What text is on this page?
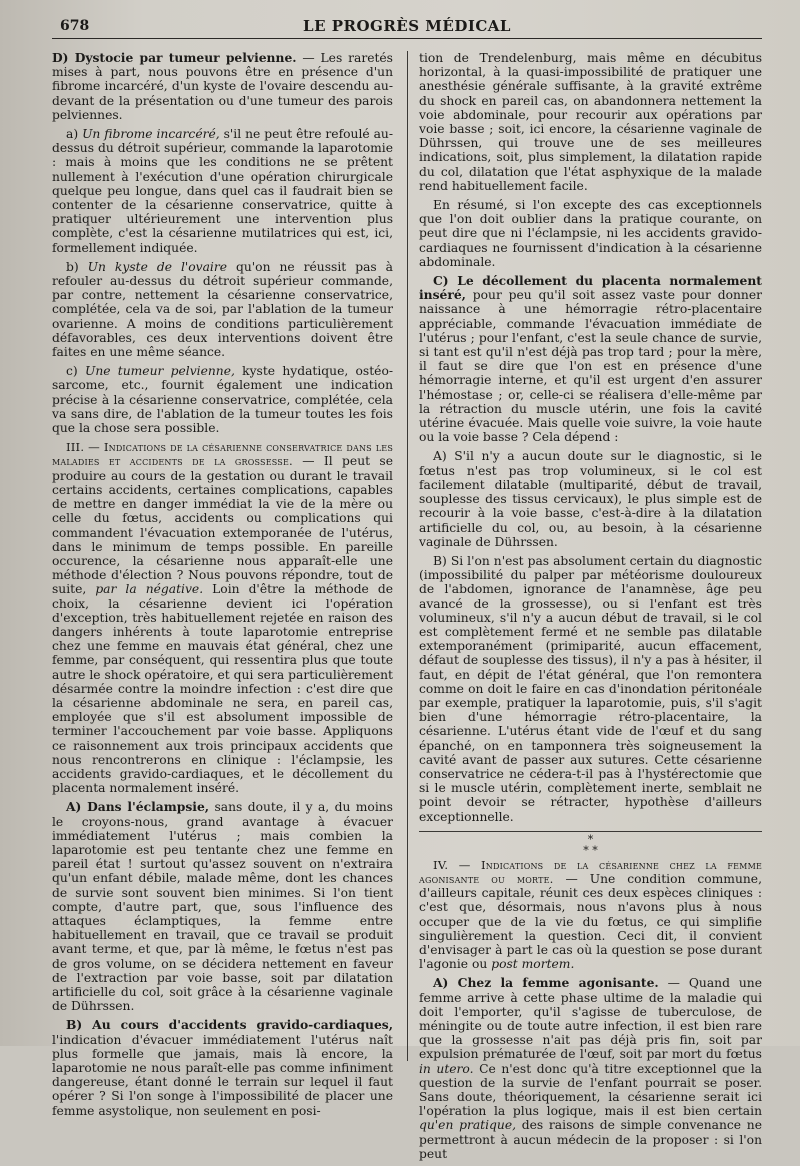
678	LE PROGRÈS MÉDICAL

D) Dystocie par tumeur pelvienne. — Les raretés mises à part, nous pouvons être en présence d'un fibrome incarcéré, d'un kyste de l'ovaire descendu au-devant de la présentation ou d'une tumeur des parois pelviennes.

a) Un fibrome incarcéré, s'il ne peut être refoulé au-dessus du détroit supérieur, commande la laparotomie : mais à moins que les conditions ne se prêtent nullement à l'exécution d'une opération chirurgicale quelque peu longue, dans quel cas il faudrait bien se contenter de la césarienne conservatrice, quitte à pratiquer ultérieurement une intervention plus complète, c'est la césarienne mutilatrices qui est, ici, formellement indiquée.

b) Un kyste de l'ovaire qu'on ne réussit pas à refouler au-dessus du détroit supérieur commande, par contre, nettement la césarienne conservatrice, complétée, cela va de soi, par l'ablation de la tumeur ovarienne. A moins de conditions particulièrement défavorables, ces deux interventions doivent être faites en une même séance.

c) Une tumeur pelvienne, kyste hydatique, ostéo-sarcome, etc., fournit également une indication précise à la césarienne conservatrice, complétée, cela va sans dire, de l'ablation de la tumeur toutes les fois que la chose sera possible.

III. — Indications de la césarienne conservatrice dans les maladies et accidents de la grossesse. — Il peut se produire au cours de la gestation ou durant le travail certains accidents, certaines complications, capables de mettre en danger immédiat la vie de la mère ou celle du fœtus, accidents ou complications qui commandent l'évacuation extemporanée de l'utérus, dans le minimum de temps possible. En pareille occurence, la césarienne nous apparaît-elle une méthode d'élection ? Nous pouvons répondre, tout de suite, par la négative. Loin d'être la méthode de choix, la césarienne devient ici l'opération d'exception, très habituellement rejetée en raison des dangers inhérents à toute laparotomie entreprise chez une femme en mauvais état général, chez une femme, par conséquent, qui ressentira plus que toute autre le shock opératoire, et qui sera particulièrement désarmée contre la moindre infection : c'est dire que la césarienne abdominale ne sera, en pareil cas, employée que s'il est absolument impossible de terminer l'accouchement par voie basse. Appliquons ce raisonnement aux trois principaux accidents que nous rencontrerons en clinique : l'éclampsie, les accidents gravido-cardiaques, et le décollement du placenta normalement inséré.

A) Dans l'éclampsie, sans doute, il y a, du moins le croyons-nous, grand avantage à évacuer immédiatement l'utérus ; mais combien la laparotomie est peu tentante chez une femme en pareil état ! surtout qu'assez souvent on n'extraira qu'un enfant débile, malade même, dont les chances de survie sont souvent bien minimes. Si l'on tient compte, d'autre part, que, sous l'influence des attaques éclamptiques, la femme entre habituellement en travail, que ce travail se produit avant terme, et que, par là même, le fœtus n'est pas de gros volume, on se décidera nettement en faveur de l'extraction par voie basse, soit par dilatation artificielle du col, soit grâce à la césarienne vaginale de Dührssen.

B) Au cours d'accidents gravido-cardiaques, l'indication d'évacuer immédiatement l'utérus naît plus formelle que jamais, mais là encore, la laparotomie ne nous paraît-elle pas comme infiniment dangereuse, étant donné le terrain sur lequel il faut opérer ? Si l'on songe à l'impossibilité de placer une femme asystolique, non seulement en posi-

tion de Trendelenburg, mais même en décubitus horizontal, à la quasi-impossibilité de pratiquer une anesthésie générale suffisante, à la gravité extrême du shock en pareil cas, on abandonnera nettement la voie abdominale, pour recourir aux opérations par voie basse ; soit, ici encore, la césarienne vaginale de Dührssen, qui trouve une de ses meilleures indications, soit, plus simplement, la dilatation rapide du col, dilatation que l'état asphyxique de la malade rend habituellement facile.

En résumé, si l'on excepte des cas exceptionnels que l'on doit oublier dans la pratique courante, on peut dire que ni l'éclampsie, ni les accidents gravido-cardiaques ne fournissent d'indication à la césarienne abdominale.

C) Le décollement du placenta normalement inséré, pour peu qu'il soit assez vaste pour donner naissance à une hémorragie rétro-placentaire appréciable, commande l'évacuation immédiate de l'utérus ; pour l'enfant, c'est la seule chance de survie, si tant est qu'il n'est déjà pas trop tard ; pour la mère, il faut se dire que l'on est en présence d'une hémorragie interne, et qu'il est urgent d'en assurer l'hémostase ; or, celle-ci se réalisera d'elle-même par la rétraction du muscle utérin, une fois la cavité utérine évacuée. Mais quelle voie suivre, la voie haute ou la voie basse ? Cela dépend :

A) S'il n'y a aucun doute sur le diagnostic, si le fœtus n'est pas trop volumineux, si le col est facilement dilatable (multiparité, début de travail, souplesse des tissus cervicaux), le plus simple est de recourir à la voie basse, c'est-à-dire à la dilatation artificielle du col, ou, au besoin, à la césarienne vaginale de Dührssen.

B) Si l'on n'est pas absolument certain du diagnostic (impossibilité du palper par météorisme douloureux de l'abdomen, ignorance de l'anamnèse, âge peu avancé de la grossesse), ou si l'enfant est très volumineux, s'il n'y a aucun début de travail, si le col est complètement fermé et ne semble pas dilatable extemporanément (primiparité, aucun effacement, défaut de souplesse des tissus), il n'y a pas à hésiter, il faut, en dépit de l'état général, que l'on remontera comme on doit le faire en cas d'inondation péritonéale par exemple, pratiquer la laparotomie, puis, s'il s'agit bien d'une hémorragie rétro-placentaire, la césarienne. L'utérus étant vide de l'œuf et du sang épanché, on en tamponnera très soigneusement la cavité avant de passer aux sutures. Cette césarienne conservatrice ne cédera-t-il pas à l'hystérectomie que si le muscle utérin, complètement inerte, semblait ne point devoir se rétracter, hypothèse d'ailleurs exceptionnelle.

*
* *

IV. — Indications de la césarienne chez la femme agonisante ou morte. — Une condition commune, d'ailleurs capitale, réunit ces deux espèces cliniques : c'est que, désormais, nous n'avons plus à nous occuper que de la vie du fœtus, ce qui simplifie singulièrement la question. Ceci dit, il convient d'envisager à part le cas où la question se pose durant l'agonie ou post mortem.

A) Chez la femme agonisante. — Quand une femme arrive à cette phase ultime de la maladie qui doit l'emporter, qu'il s'agisse de tuberculose, de méningite ou de toute autre infection, il est bien rare que la grossesse n'ait pas déjà pris fin, soit par expulsion prématurée de l'œuf, soit par mort du fœtus in utero. Ce n'est donc qu'à titre exceptionnel que la question de la survie de l'enfant pourrait se poser. Sans doute, théoriquement, la césarienne serait ici l'opération la plus logique, mais il est bien certain qu'en pratique, des raisons de simple convenance ne permettront à aucun médecin de la proposer : si l'on peut
